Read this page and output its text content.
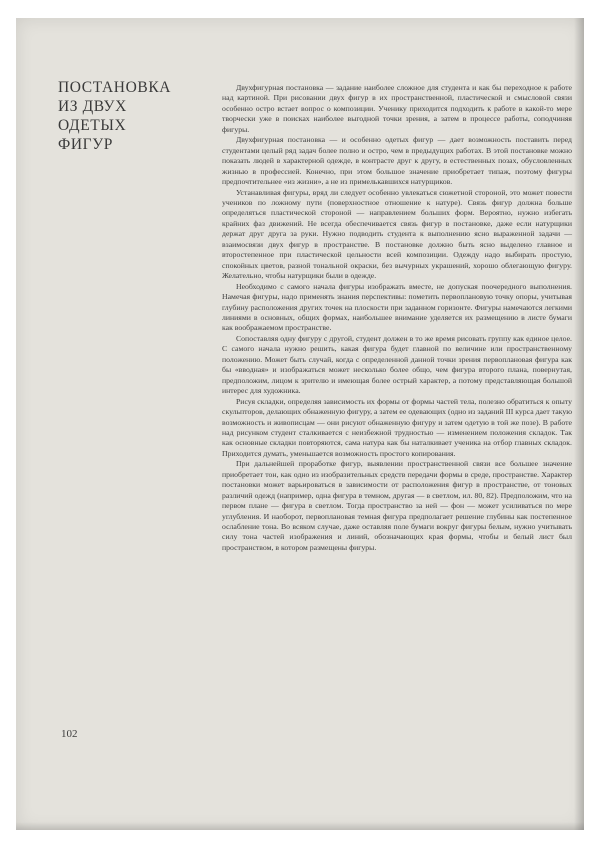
ПОСТАНОВКА
ИЗ ДВУХ
ОДЕТЫХ
ФИГУР

Двухфигурная постановка — задание наиболее сложное для студента и как бы переходное к работе над картиной. При рисовании двух фигур в их пространственной, пластической и смысловой связи особенно остро встает вопрос о композиции. Ученику приходится подходить к работе в какой-то мере творчески уже в поисках наиболее выгодной точки зрения, а затем в процессе работы, соподчиняя фигуры.

Двухфигурная постановка — и особенно одетых фигур — дает возможность поставить перед студентами целый ряд задач более полно и остро, чем в предыдущих работах. В этой постановке можно показать людей в характерной одежде, в контрасте друг к другу, в естественных позах, обусловленных жизнью в профессией. Конечно, при этом большое значение приобретает типаж, поэтому фигуры предпочтительнее «из жизни», а не из примелькавшихся натурщиков.

Устанавливая фигуры, вряд ли следует особенно увлекаться сюжетной стороной, это может повести учеников по ложному пути (поверхностное отношение к натуре). Связь фигур должна больше определяться пластической стороной — направлением больших форм. Вероятно, нужно избегать крайних фаз движений. Не всегда обеспечивается связь фигур в постановке, даже если натурщики держат друг друга за руки. Нужно подводить студента к выполнению ясно выраженной задачи — взаимосвязи двух фигур в пространстве. В постановке должно быть ясно выделено главное и второстепенное при пластической цельности всей композиции. Одежду надо выбирать простую, спокойных цветов, разной тональной окраски, без вычурных украшений, хорошо облегающую фигуру. Желательно, чтобы натурщики были в одежде.

Необходимо с самого начала фигуры изображать вместе, не допуская поочередного выполнения. Намечая фигуры, надо применять знания перспективы: пометить первоплановую точку опоры, учитывая глубину расположения других точек на плоскости при заданном горизонте. Фигуры намечаются легкими линиями в основных, общих формах, наибольшее внимание уделяется их размещению в листе бумаги как воображаемом пространстве.

Сопоставляя одну фигуру с другой, студент должен в то же время рисовать группу как единое целое. С самого начала нужно решить, какая фигура будет главной по величине или пространственному положению. Может быть случай, когда с определенной данной точки зрения первоплановая фигура как бы «вводная» и изображаться может несколько более общо, чем фигура второго плана, повернутая, предположим, лицом к зрителю и имеющая более острый характер, а потому представляющая большой интерес для художника.

Рисуя складки, определяя зависимость их формы от формы частей тела, полезно обратиться к опыту скульпторов, делающих обнаженную фигуру, а затем ее одевающих (одно из заданий III курса дает такую возможность и живописцам — они рисуют обнаженную фигуру и затем одетую в той же позе). В работе над рисунком студент сталкивается с неизбежной трудностью — изменением положения складок. Так как основные складки повторяются, сама натура как бы наталкивает ученика на отбор главных складок. Приходится думать, уменьшается возможность простого копирования.

При дальнейшей проработке фигур, выявлении пространственной связи все большее значение приобретает тон, как одно из изобразительных средств передачи формы в среде, пространстве. Характер постановки может варьироваться в зависимости от расположения фигур в пространстве, от тоновых различий одежд (например, одна фигура в темном, другая — в светлом, ил. 80, 82). Предположим, что на первом плане — фигура в светлом. Тогда пространство за ней — фон — может усиливаться по мере углубления. И наоборот, первоплановая темная фигура предполагает решение глубины как постепенное ослабление тона. Во всяком случае, даже оставляя поле бумаги вокруг фигуры белым, нужно учитывать силу тона частей изображения и линий, обозначающих края формы, чтобы и белый лист был пространством, в котором размещены фигуры.

102
